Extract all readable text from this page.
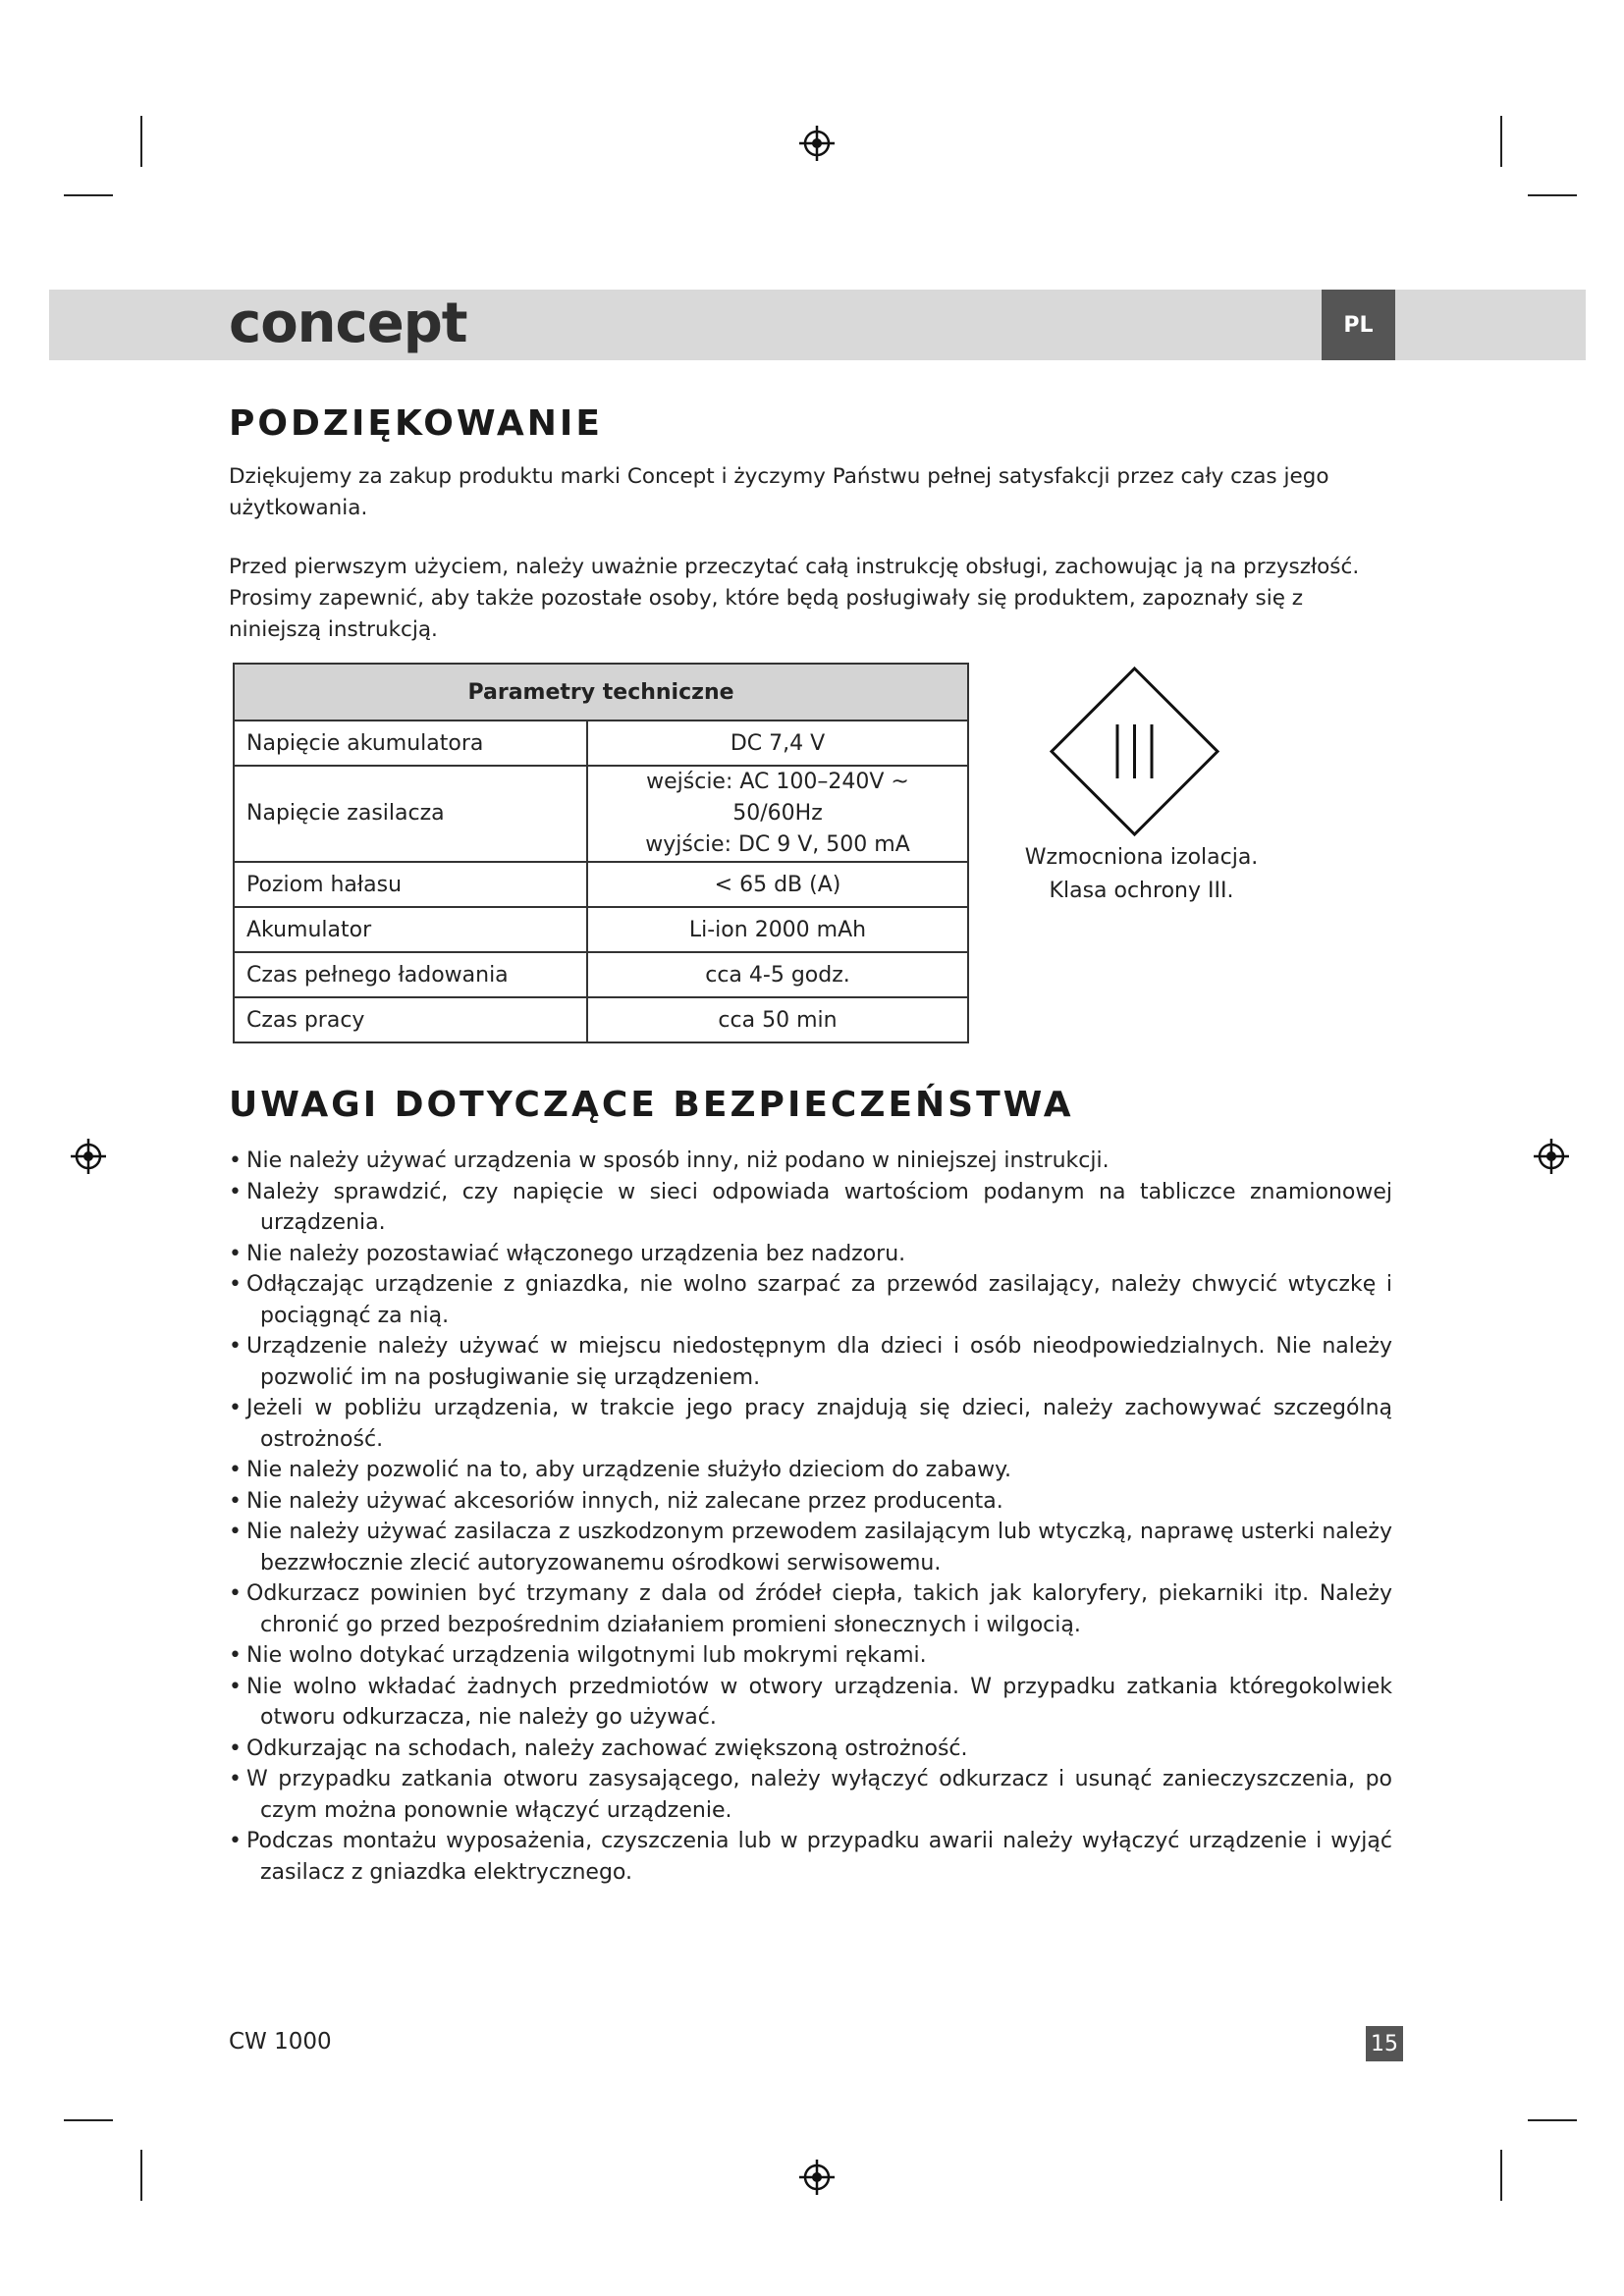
concept	PL
PODZIĘKOWANIE

Dziękujemy za zakup produktu marki Concept i życzymy Państwu pełnej satysfakcji przez cały czas jego użytkowania.

Przed pierwszym użyciem, należy uważnie przeczytać całą instrukcję obsługi, zachowując ją na przyszłość. Prosimy zapewnić, aby także pozostałe osoby, które będą posługiwały się produktem, zapoznały się z niniejszą instrukcją.

Parametry techniczne	
Napięcie akumulatora	DC 7,4 V
Napięcie zasilacza	wejście: AC 100–240V ~ 50/60Hz
wyjście: DC 9 V, 500 mA

Poziom hałasu	< 65 dB (A)
Akumulator	Li-ion 2000 mAh
Czas pełnego ładowania	cca 4-5 godz.
Czas pracy	cca 50 min
Wzmocniona izolacja.
Klasa ochrony III.
UWAGI DOTYCZĄCE BEZPIECZEŃSTWA
• Nie należy używać urządzenia w sposób inny, niż podano w niniejszej instrukcji.
• Należy sprawdzić, czy napięcie w sieci odpowiada wartościom podanym na tabliczce znamionowej urządzenia.
• Nie należy pozostawiać włączonego urządzenia bez nadzoru.
• Odłączając urządzenie z gniazdka, nie wolno szarpać za przewód zasilający, należy chwycić wtyczkę i pociągnąć za nią.
• Urządzenie należy używać w miejscu niedostępnym dla dzieci i osób nieodpowiedzialnych. Nie należy pozwolić im na posługiwanie się urządzeniem.
• Jeżeli w pobliżu urządzenia, w trakcie jego pracy znajdują się dzieci, należy zachowywać szczególną ostrożność.
• Nie należy pozwolić na to, aby urządzenie służyło dzieciom do zabawy.
• Nie należy używać akcesoriów innych, niż zalecane przez producenta.
• Nie należy używać zasilacza z uszkodzonym przewodem zasilającym lub wtyczką, naprawę usterki należy bezzwłocznie zlecić autoryzowanemu ośrodkowi serwisowemu.
• Odkurzacz powinien być trzymany z dala od źródeł ciepła, takich jak kaloryfery, piekarniki itp. Należy chronić go przed bezpośrednim działaniem promieni słonecznych i wilgocią.
• Nie wolno dotykać urządzenia wilgotnymi lub mokrymi rękami.
• Nie wolno wkładać żadnych przedmiotów w otwory urządzenia. W przypadku zatkania któregokolwiek otworu odkurzacza, nie należy go używać.
• Odkurzając na schodach, należy zachować zwiększoną ostrożność.
• W przypadku zatkania otworu zasysającego, należy wyłączyć odkurzacz i usunąć zanieczyszczenia, po czym można ponownie włączyć urządzenie.
• Podczas montażu wyposażenia, czyszczenia lub w przypadku awarii należy wyłączyć urządzenie i wyjąć zasilacz z gniazdka elektrycznego.
CW 1000	15
